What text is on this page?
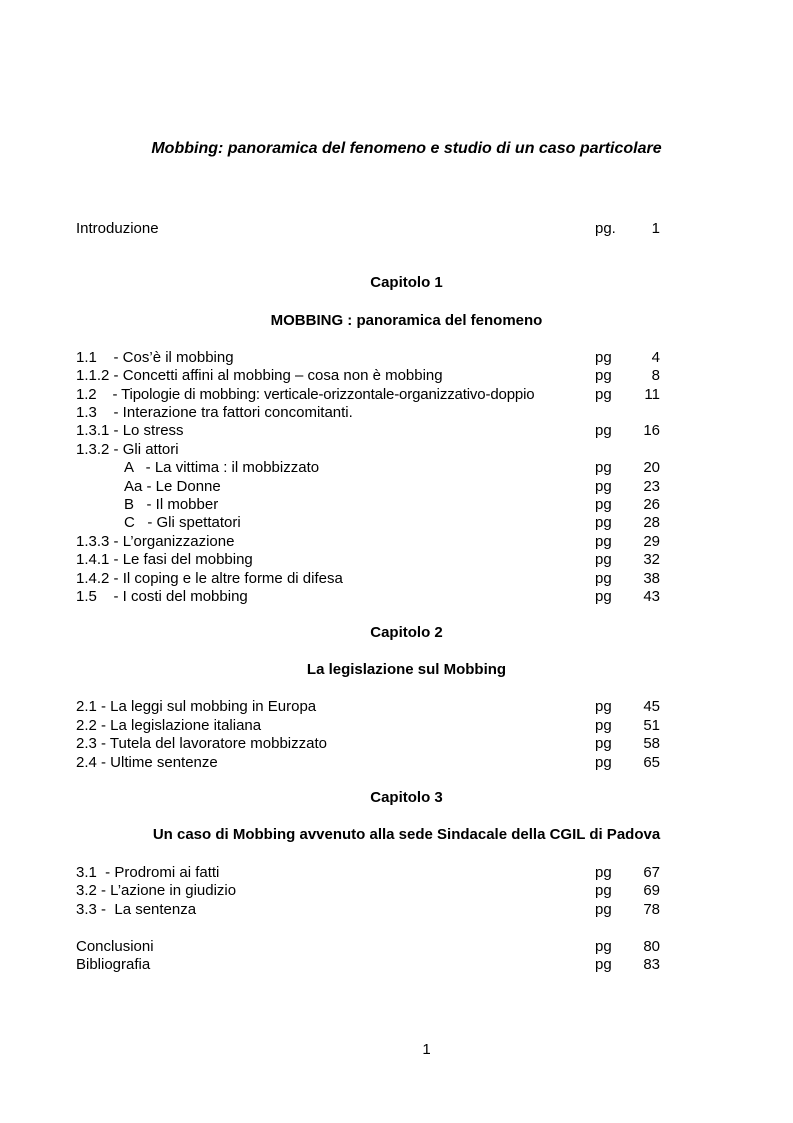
Mobbing: panoramica del fenomeno e studio di un caso particolare
Introduzione	pg. 1
Capitolo 1
MOBBING : panoramica del fenomeno
1.1    - Cos’è il mobbing	pg	4
1.1.2 - Concetti affini al mobbing – cosa non è mobbing	pg	8
1.2    - Tipologie di mobbing: verticale-orizzontale-organizzativo-doppio	pg 11
1.3    - Interazione tra fattori concomitanti.
1.3.1 - Lo stress	pg 16
1.3.2 - Gli attori
A   - La vittima : il mobbizzato	pg 20
Aa - Le Donne	pg 23
B   - Il mobber	pg 26
C   - Gli spettatori	pg 28
1.3.3 - L’organizzazione	pg 29
1.4.1 - Le fasi del mobbing	pg 32
1.4.2 - Il coping e le altre forme di difesa	pg 38
1.5    - I costi del mobbing	pg 43
Capitolo 2
La legislazione sul Mobbing
2.1 - La leggi sul mobbing in Europa	pg 45
2.2 - La legislazione italiana	pg 51
2.3 - Tutela del lavoratore mobbizzato	pg 58
2.4 - Ultime sentenze	pg 65
Capitolo 3
Un caso di Mobbing avvenuto alla sede Sindacale della CGIL di Padova
3.1  - Prodromi ai fatti	pg 67
3.2 - L’azione in giudizio	pg 69
3.3 -  La sentenza	pg 78
Conclusioni	pg 80
Bibliografia	pg 83
1
